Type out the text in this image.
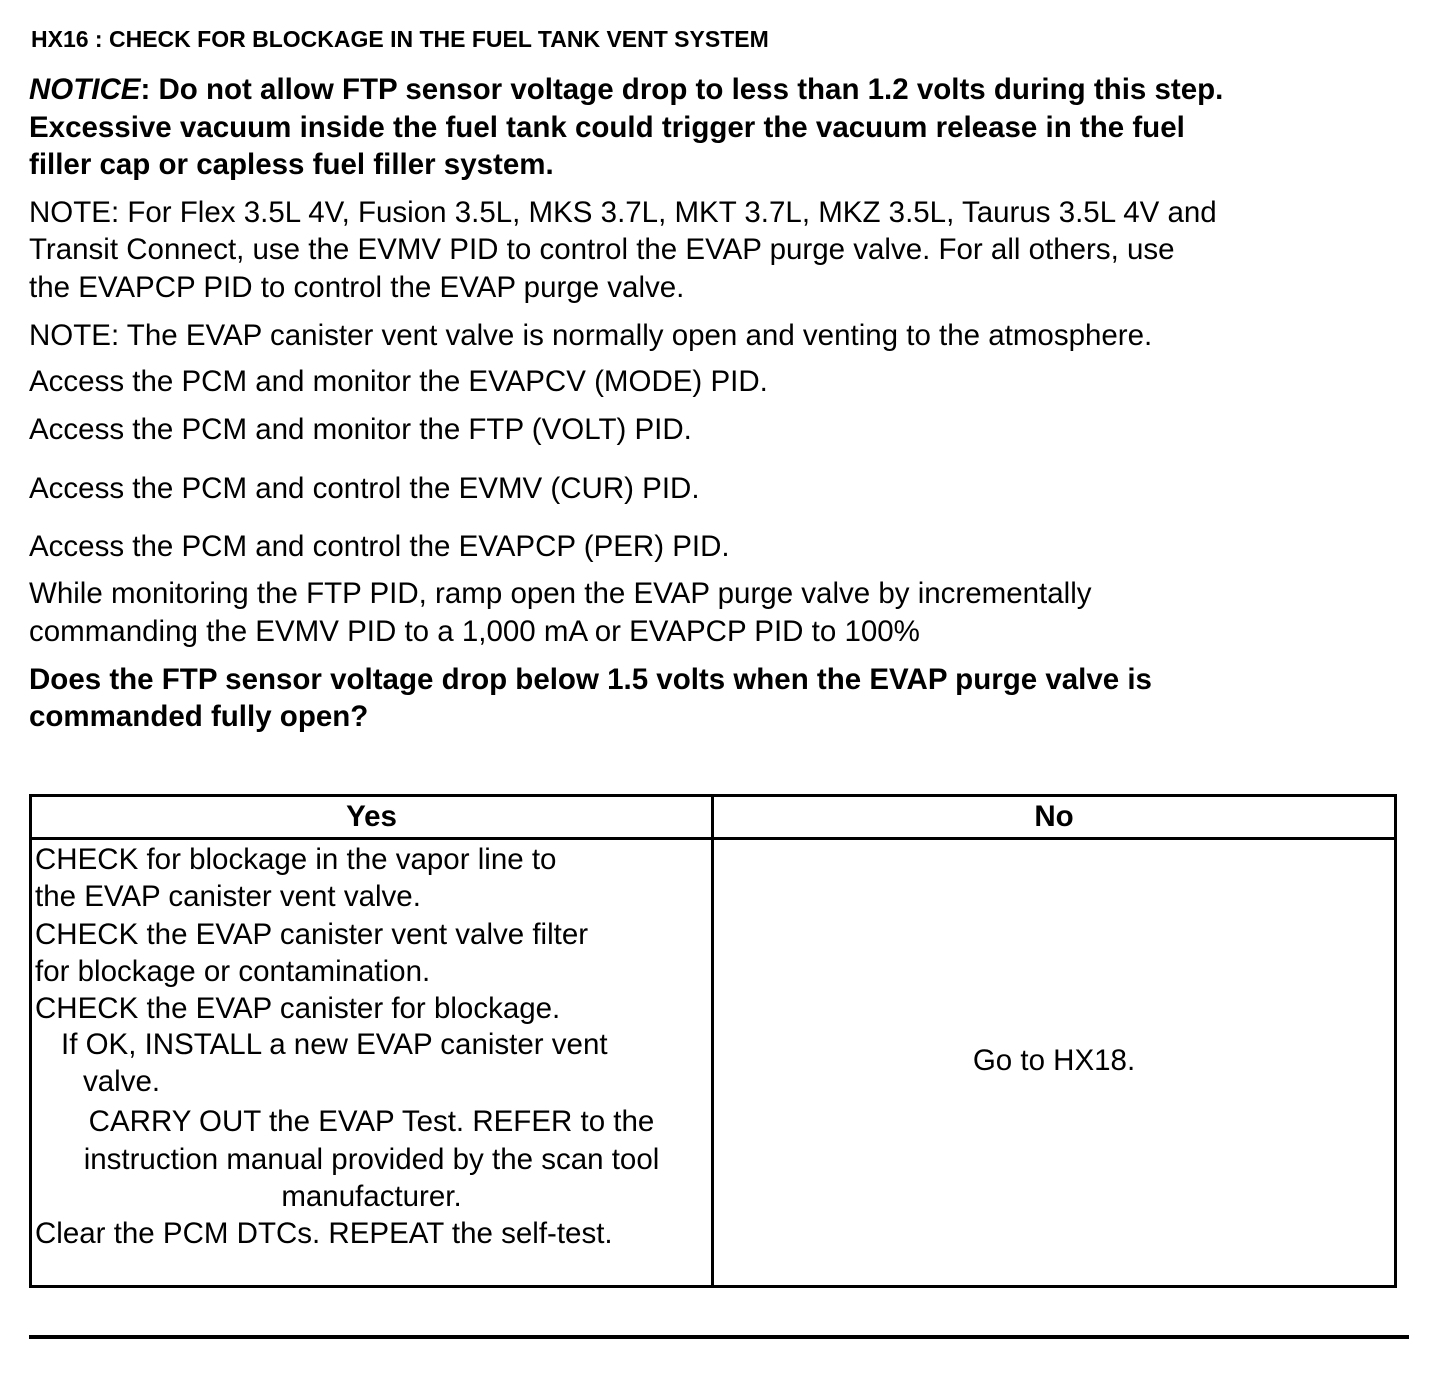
HX16 : CHECK FOR BLOCKAGE IN THE FUEL TANK VENT SYSTEM
NOTICE: Do not allow FTP sensor voltage drop to less than 1.2 volts during this step.
Excessive vacuum inside the fuel tank could trigger the vacuum release in the fuel
filler cap or capless fuel filler system.
NOTE: For Flex 3.5L 4V, Fusion 3.5L, MKS 3.7L, MKT 3.7L, MKZ 3.5L, Taurus 3.5L 4V and
Transit Connect, use the EVMV PID to control the EVAP purge valve. For all others, use
the EVAPCP PID to control the EVAP purge valve.
NOTE: The EVAP canister vent valve is normally open and venting to the atmosphere.
Access the PCM and monitor the EVAPCV (MODE) PID.
Access the PCM and monitor the FTP (VOLT) PID.
Access the PCM and control the EVMV (CUR) PID.
Access the PCM and control the EVAPCP (PER) PID.
While monitoring the FTP PID, ramp open the EVAP purge valve by incrementally
commanding the EVMV PID to a 1,000 mA or EVAPCP PID to 100%
Does the FTP sensor voltage drop below 1.5 volts when the EVAP purge valve is
commanded fully open?
Yes	No
CHECK for blockage in the vapor line to
the EVAP canister vent valve.
CHECK the EVAP canister vent valve filter
for blockage or contamination.
CHECK the EVAP canister for blockage.
If OK, INSTALL a new EVAP canister vent
valve.
CARRY OUT the EVAP Test. REFER to the
instruction manual provided by the scan tool
manufacturer.
Clear the PCM DTCs. REPEAT the self-test.
Go to HX18.
